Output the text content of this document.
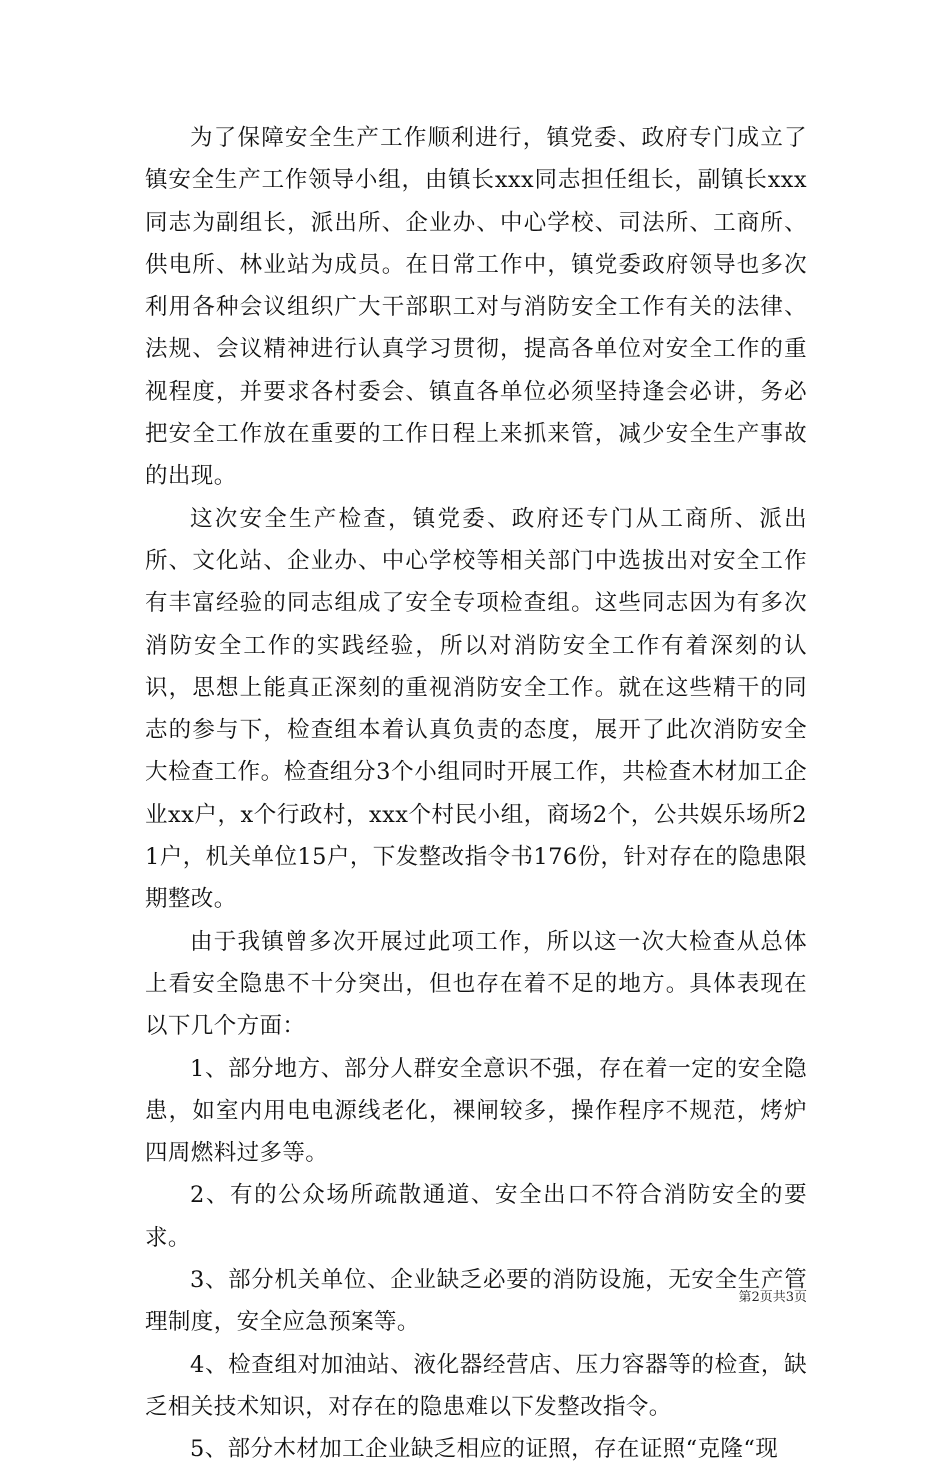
为了保障安全生产工作顺利进行，镇党委、政府专门成立了镇安全生产工作领导小组，由镇长xxx同志担任组长，副镇长xxx同志为副组长，派出所、企业办、中心学校、司法所、工商所、供电所、林业站为成员。在日常工作中，镇党委政府领导也多次利用各种会议组织广大干部职工对与消防安全工作有关的法律、法规、会议精神进行认真学习贯彻，提高各单位对安全工作的重视程度，并要求各村委会、镇直各单位必须坚持逢会必讲，务必把安全工作放在重要的工作日程上来抓来管，减少安全生产事故的出现。

这次安全生产检查，镇党委、政府还专门从工商所、派出所、文化站、企业办、中心学校等相关部门中选拔出对安全工作有丰富经验的同志组成了安全专项检查组。这些同志因为有多次消防安全工作的实践经验，所以对消防安全工作有着深刻的认识，思想上能真正深刻的重视消防安全工作。就在这些精干的同志的参与下，检查组本着认真负责的态度，展开了此次消防安全大检查工作。检查组分3个小组同时开展工作，共检查木材加工企业xx户，x个行政村，xxx个村民小组，商场2个，公共娱乐场所21户，机关单位15户，下发整改指令书176份，针对存在的隐患限期整改。

由于我镇曾多次开展过此项工作，所以这一次大检查从总体上看安全隐患不十分突出，但也存在着不足的地方。具体表现在以下几个方面：

1、部分地方、部分人群安全意识不强，存在着一定的安全隐患，如室内用电电源线老化，裸闸较多，操作程序不规范，烤炉四周燃料过多等。

2、有的公众场所疏散通道、安全出口不符合消防安全的要求。

3、部分机关单位、企业缺乏必要的消防设施，无安全生产管理制度，安全应急预案等。

4、检查组对加油站、液化器经营店、压力容器等的检查，缺乏相关技术知识，对存在的隐患难以下发整改指令。

5、部分木材加工企业缺乏相应的证照，存在证照“克隆“现

第2页共3页
